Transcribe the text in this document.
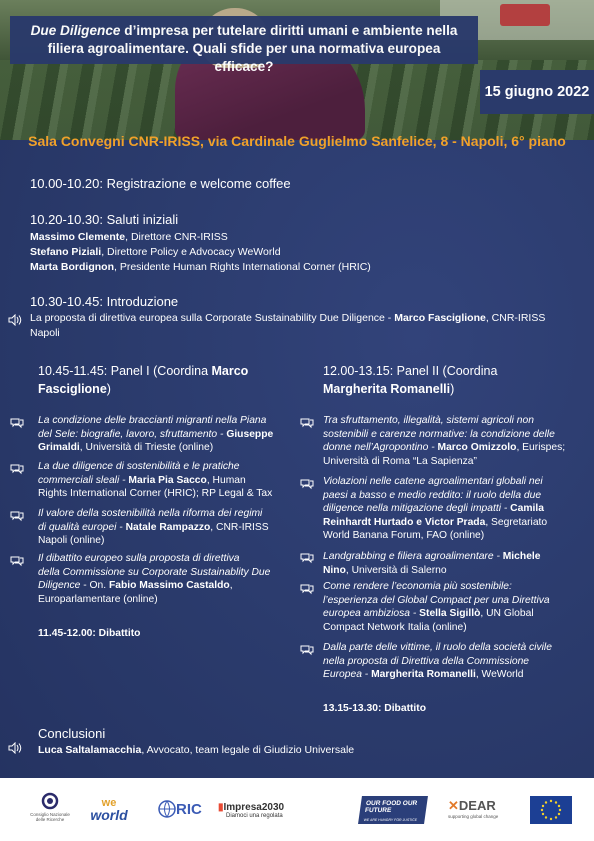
Due Diligence d’impresa per tutelare diritti umani e ambiente nella

filiera agroalimentare. Quali sfide per una normativa europea efficace?

15 giugno 2022
Sala Convegni CNR-IRISS, via Cardinale Guglielmo Sanfelice, 8 - Napoli, 6° piano
10.00-10.20: Registrazione e welcome coffee
10.20-10.30: Saluti iniziali
Massimo Clemente, Direttore CNR-IRISS
Stefano Piziali, Direttore Policy e Advocacy WeWorld
Marta Bordignon, Presidente Human Rights International Corner (HRIC)
10.30-10.45: Introduzione
La proposta di direttiva europea sulla Corporate Sustainability Due Diligence - Marco Fasciglione, CNR-IRISS
Napoli
10.45-11.45: Panel I (Coordina Marco
Fasciglione)
12.00-13.15: Panel II (Coordina
Margherita Romanelli)
La condizione delle braccianti migranti nella Piana
del Sele: biografie, lavoro, sfruttamento - Giuseppe
Grimaldi, Università di Trieste (online)
La due diligence di sostenibilità e le pratiche
commerciali sleali - Maria Pia Sacco, Human
Rights International Corner (HRIC); RP Legal & Tax
Il valore della sostenibilità nella riforma dei regimi
di qualità europei - Natale Rampazzo, CNR-IRISS
Napoli (online)
Il dibattito europeo sulla proposta di direttiva
della Commissione su Corporate Sustainablity Due
Diligence - On. Fabio Massimo Castaldo,
Europarlamentare (online)
11.45-12.00: Dibattito
Tra sfruttamento, illegalità, sistemi agricoli non
sostenibili e carenze normative: la condizione delle
donne nell’Agropontino - Marco Omizzolo, Eurispes;
Università di Roma “La Sapienza”
Violazioni nelle catene agroalimentari globali nei
paesi a basso e medio reddito: il ruolo della due
diligence nella mitigazione degli impatti - Camila
Reinhardt Hurtado e Victor Prada, Segretariato
World Banana Forum, FAO (online)
Landgrabbing e filiera agroalimentare - Michele
Nino, Università di Salerno
Come rendere l’economia più sostenibile:
l’esperienza del Global Compact per una Direttiva
europea ambiziosa - Stella Sigillò, UN Global
Compact Network Italia (online)
Dalla parte delle vittime, il ruolo della società civile
nella proposta di Direttiva della Commissione
Europea - Margherita Romanelli, WeWorld
13.15-13.30: Dibattito
Conclusioni
Luca Saltalamacchia, Avvocato, team legale di Giudizio Universale
Consiglio Nazionale delle Ricerche
we
world	RIC ▮Impresa2030
Diamoci una regolata
OUR FOOD OUR FUTURE
WE ARE HUNGRY FOR JUSTICE
✕DEAR
supporting global change
